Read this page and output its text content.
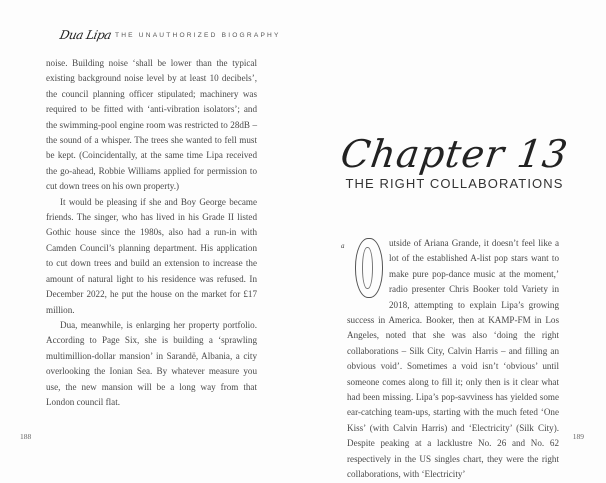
Dua Lipa THE UNAUTHORIZED BIOGRAPHY

noise. Building noise ‘shall be lower than the typical existing background noise level by at least 10 decibels’, the council planning officer stipulated; machinery was required to be fitted with ‘anti-vibration isolators’; and the swimming-pool engine room was restricted to 28dB – the sound of a whisper. The trees she wanted to fell must be kept. (Coincidentally, at the same time Lipa received the go-ahead, Robbie Williams applied for permission to cut down trees on his own property.)

It would be pleasing if she and Boy George became friends. The singer, who has lived in his Grade II listed Gothic house since the 1980s, also had a run-in with Camden Council’s planning department. His application to cut down trees and build an extension to increase the amount of natural light to his residence was refused. In December 2022, he put the house on the market for £17 million.

Dua, meanwhile, is enlarging her property portfolio. According to Page Six, she is building a ‘sprawling multimillion-dollar mansion’ in Sarandë, Albania, a city overlooking the Ionian Sea. By whatever measure you use, the new mansion will be a long way from that London council flat.

188
Chapter 13
THE RIGHT COLLABORATIONS
a	utside of Ariana Grande, it doesn’t feel like a lot of the established A-list pop stars want to make pure pop-dance music at the moment,’ radio presenter Chris Booker told Variety in 2018, attempting to explain Lipa’s growing success in America. Booker, then at KAMP-FM in Los Angeles, noted that she was also ‘doing the right collaborations – Silk City, Calvin Harris – and filling an obvious void’. Sometimes a void isn’t ‘obvious’ until someone comes along to fill it; only then is it clear what had been missing. Lipa’s pop-savviness has yielded some ear-catching team-ups, starting with the much feted ‘One Kiss’ (with Calvin Harris) and ‘Electricity’ (Silk City). Despite peaking at a lacklustre No. 26 and No. 62 respectively in the US singles chart, they were the right collaborations, with ‘Electricity’

189
